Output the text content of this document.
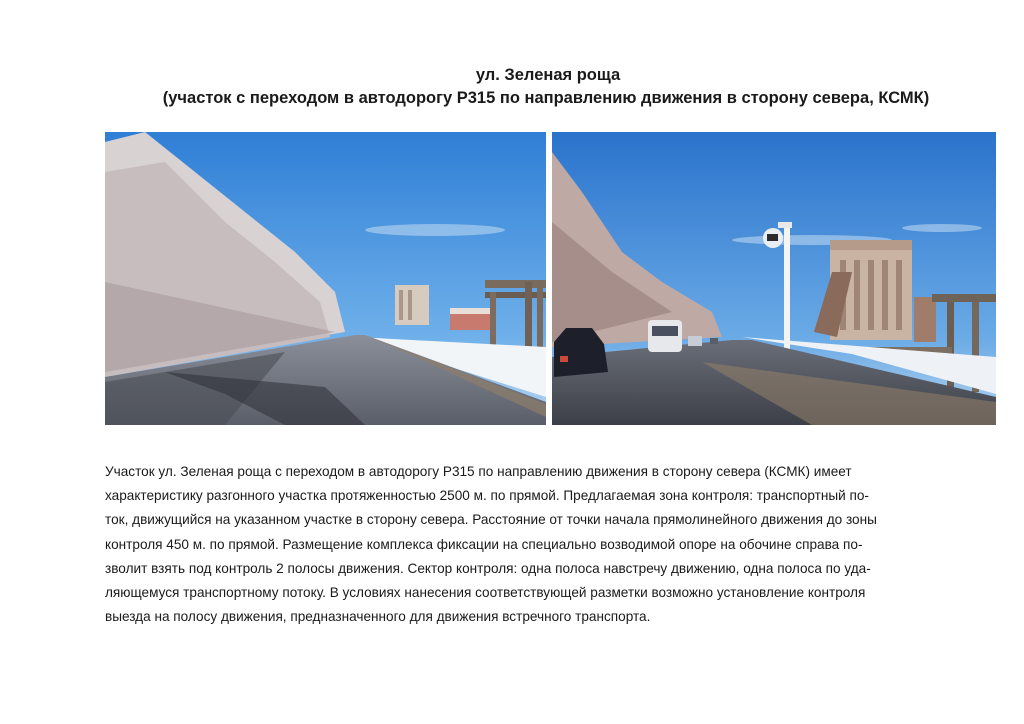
ул. Зеленая роща
(участок с переходом в автодорогу Р315 по направлению движения в сторону севера, КСМК)
Участок ул. Зеленая роща с переходом в автодорогу Р315 по направлению движения в сторону севера (КСМК) имеет
характеристику разгонного участка протяженностью 2500 м. по прямой. Предлагаемая зона контроля: транспортный по-
ток, движущийся на указанном участке в сторону севера. Расстояние от точки начала прямолинейного движения до зоны
контроля 450 м. по прямой. Размещение комплекса фиксации на специально возводимой опоре на обочине справа по-
зволит взять под контроль 2 полосы движения. Сектор контроля: одна полоса навстречу движению, одна полоса по уда-
ляющемуся транспортному потоку. В условиях нанесения соответствующей разметки возможно установление контроля
выезда на полосу движения, предназначенного для движения встречного транспорта.
